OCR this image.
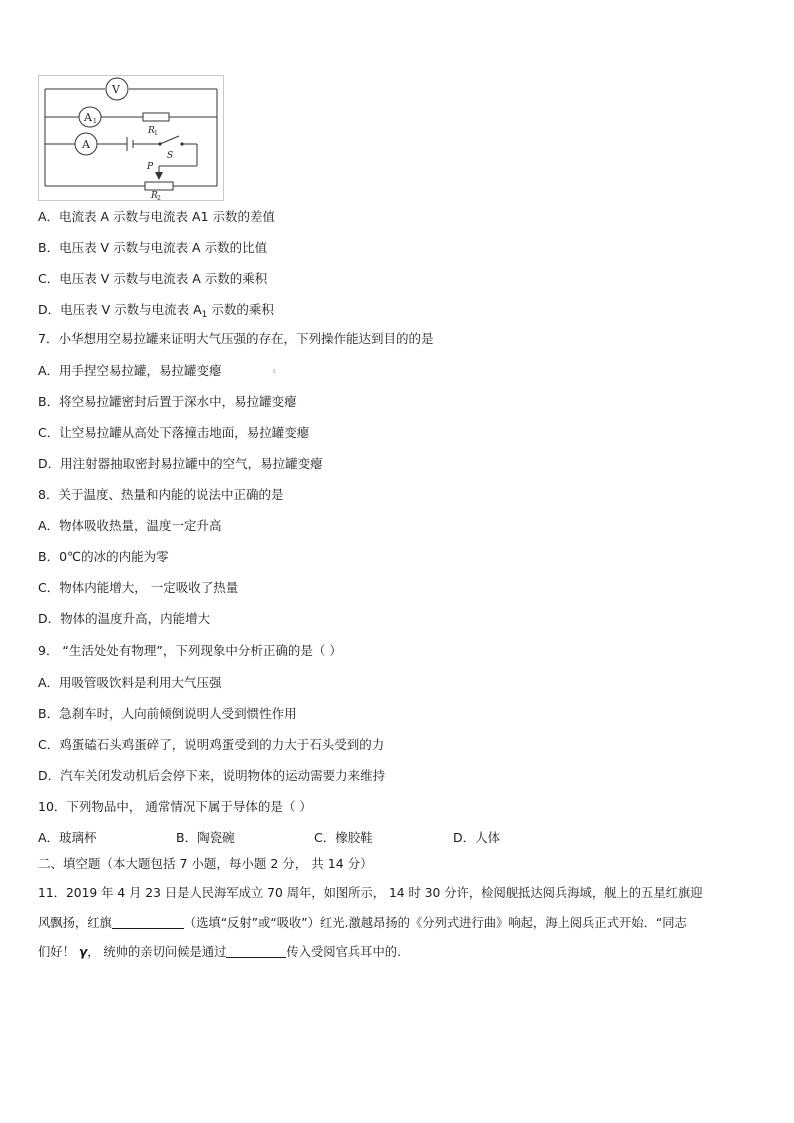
V
A 1
A
R 1
S
P
R 2
A．电流表 A 示数与电流表 A1 示数的差值
B．电压表 V 示数与电流表 A 示数的比值
C．电压表 V 示数与电流表 A 示数的乘积
D．电压表 V 示数与电流表 $A_1$ 示数的乘积
7．小华想用空易拉罐来证明大气压强的存在，下列操作能达到目的的是
A．用手捏空易拉罐，易拉罐变瘪	c
B．将空易拉罐密封后置于深水中，易拉罐变瘪
C．让空易拉罐从高处下落撞击地面，易拉罐变瘪
D．用注射器抽取密封易拉罐中的空气，易拉罐变瘪
8．关于温度、热量和内能的说法中正确的是
A．物体吸收热量，温度一定升高
B．0℃的冰的内能为零
C．物体内能增大， 一定吸收了热量
D．物体的温度升高，内能增大
9． “生活处处有物理”，下列现象中分析正确的是（ ）
A．用吸管吸饮料是利用大气压强
B．急刹车时，人向前倾倒说明人受到惯性作用
C．鸡蛋磕石头鸡蛋碎了，说明鸡蛋受到的力大于石头受到的力
D．汽车关闭发动机后会停下来，说明物体的运动需要力来维持
10．下列物品中， 通常情况下属于导体的是（ ）
A．玻璃杯	B．陶瓷碗	C．橡胶鞋	D．人体
二、填空题（本大题包括 7 小题，每小题 2 分， 共 14 分）
11．2019 年 4 月 23 日是人民海军成立 70 周年，如图所示， 14 时 30 分许，检阅舰抵达阅兵海域，舰上的五星红旗迎
风飘扬，红旗	（选填“反射”或“吸收”）红光.激越昂扬的《分列式进行曲》响起，海上阅兵正式开始．“同志
们好！ γ， 统帅的亲切问候是通过	传入受阅官兵耳中的.
